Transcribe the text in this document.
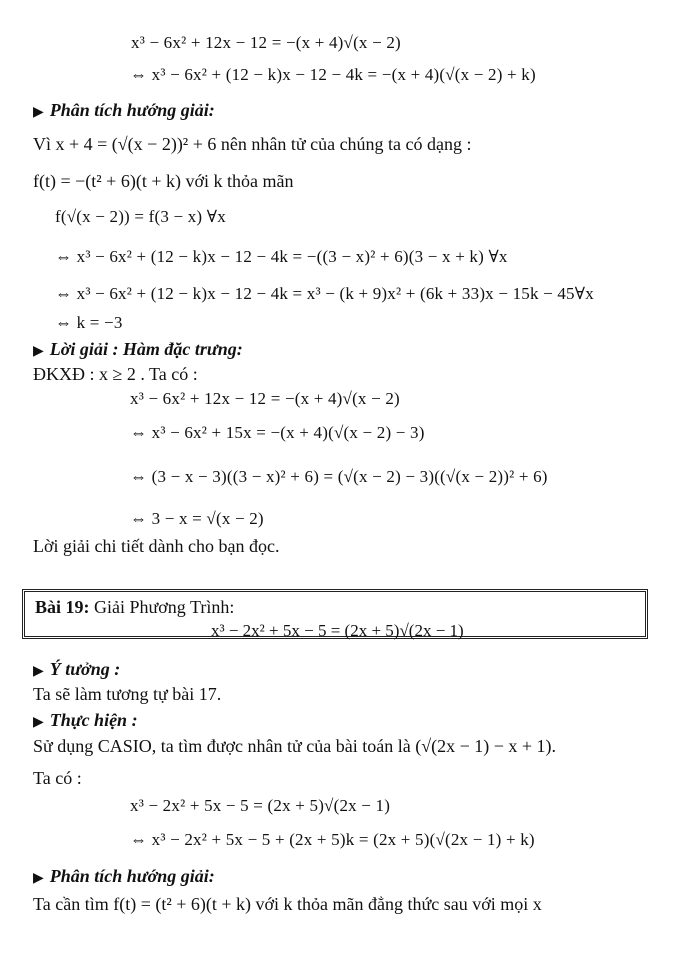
x³ − 6x² + 12x − 12 = −(x + 4)√(x − 2)
⇔ x³ − 6x² + (12 − k)x − 12 − 4k = −(x + 4)(√(x − 2) + k)
▶ Phân tích hướng giải:
Vì x + 4 = (√(x − 2))² + 6 nên nhân tử của chúng ta có dạng :
f(t) = −(t² + 6)(t + k) với k thỏa mãn
f(√(x − 2)) = f(3 − x) ∀x
⇔ x³ − 6x² + (12 − k)x − 12 − 4k = −((3 − x)² + 6)(3 − x + k) ∀x
⇔ x³ − 6x² + (12 − k)x − 12 − 4k = x³ − (k + 9)x² + (6k + 33)x − 15k − 45∀x
⇔ k = −3
▶ Lời giải : Hàm đặc trưng:
ĐKXĐ : x ≥ 2 . Ta có :
x³ − 6x² + 12x − 12 = −(x + 4)√(x − 2)
⇔ x³ − 6x² + 15x = −(x + 4)(√(x − 2) − 3)
⇔ (3 − x − 3)((3 − x)² + 6) = (√(x − 2) − 3)((√(x − 2))² + 6)
⇔ 3 − x = √(x − 2)
Lời giải chi tiết dành cho bạn đọc.
Bài 19: Giải Phương Trình:
x³ − 2x² + 5x − 5 = (2x + 5)√(2x − 1)
▶ Ý tưởng :
Ta sẽ làm tương tự bài 17.
▶ Thực hiện :
Sử dụng CASIO, ta tìm được nhân tử của bài toán là (√(2x − 1) − x + 1).
Ta có :
x³ − 2x² + 5x − 5 = (2x + 5)√(2x − 1)
⇔ x³ − 2x² + 5x − 5 + (2x + 5)k = (2x + 5)(√(2x − 1) + k)
▶ Phân tích hướng giải:
Ta cần tìm f(t) = (t² + 6)(t + k) với k thỏa mãn đẳng thức sau với mọi x
